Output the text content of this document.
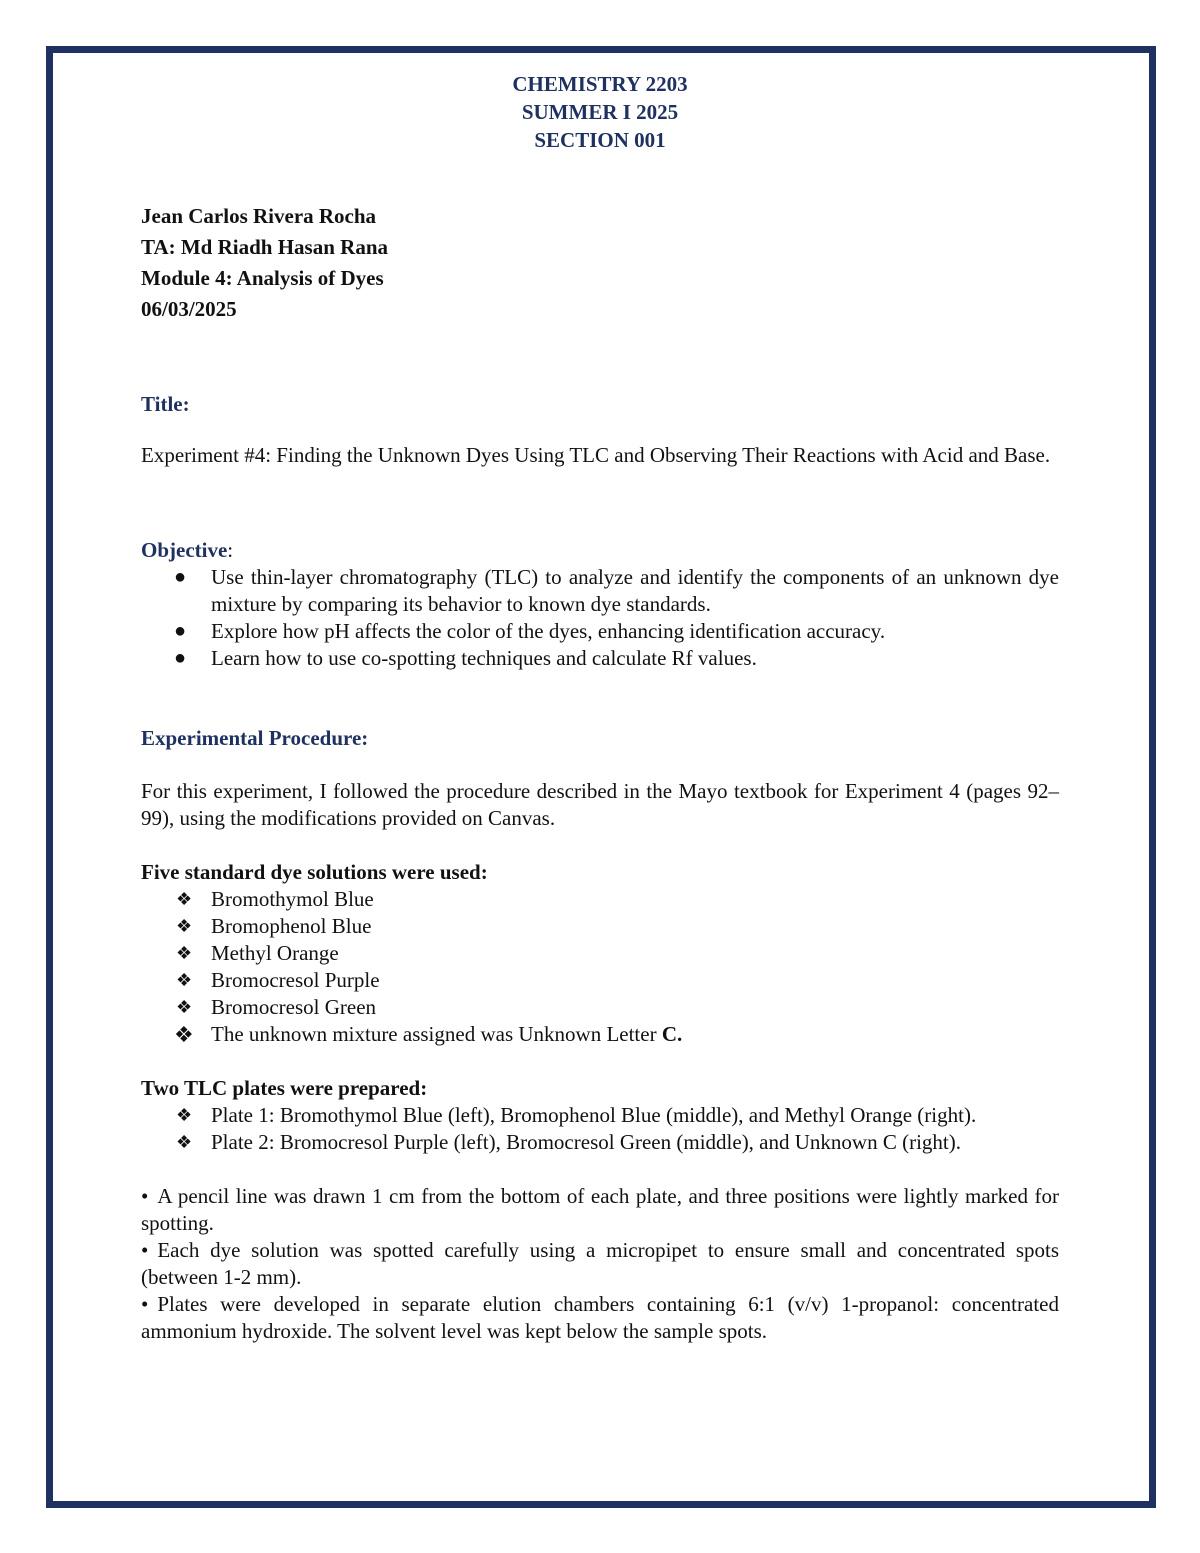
CHEMISTRY 2203
SUMMER I 2025
SECTION 001
Jean Carlos Rivera Rocha
TA: Md Riadh Hasan Rana
Module 4: Analysis of Dyes
06/03/2025
Title:
Experiment #4: Finding the Unknown Dyes Using TLC and Observing Their Reactions with Acid and Base.
Objective:
● Use thin-layer chromatography (TLC) to analyze and identify the components of an unknown dye mixture by comparing its behavior to known dye standards.
● Explore how pH affects the color of the dyes, enhancing identification accuracy.
● Learn how to use co-spotting techniques and calculate Rf values.
Experimental Procedure:
For this experiment, I followed the procedure described in the Mayo textbook for Experiment 4 (pages 92–99), using the modifications provided on Canvas.
Five standard dye solutions were used:
❖ Bromothymol Blue
❖ Bromophenol Blue
❖ Methyl Orange
❖ Bromocresol Purple
❖ Bromocresol Green
❖ The unknown mixture assigned was Unknown Letter C.
Two TLC plates were prepared:
❖ Plate 1: Bromothymol Blue (left), Bromophenol Blue (middle), and Methyl Orange (right).
❖ Plate 2: Bromocresol Purple (left), Bromocresol Green (middle), and Unknown C (right).
• A pencil line was drawn 1 cm from the bottom of each plate, and three positions were lightly marked for spotting.
• Each dye solution was spotted carefully using a micropipet to ensure small and concentrated spots (between 1-2 mm).
• Plates were developed in separate elution chambers containing 6:1 (v/v) 1-propanol: concentrated ammonium hydroxide. The solvent level was kept below the sample spots.
